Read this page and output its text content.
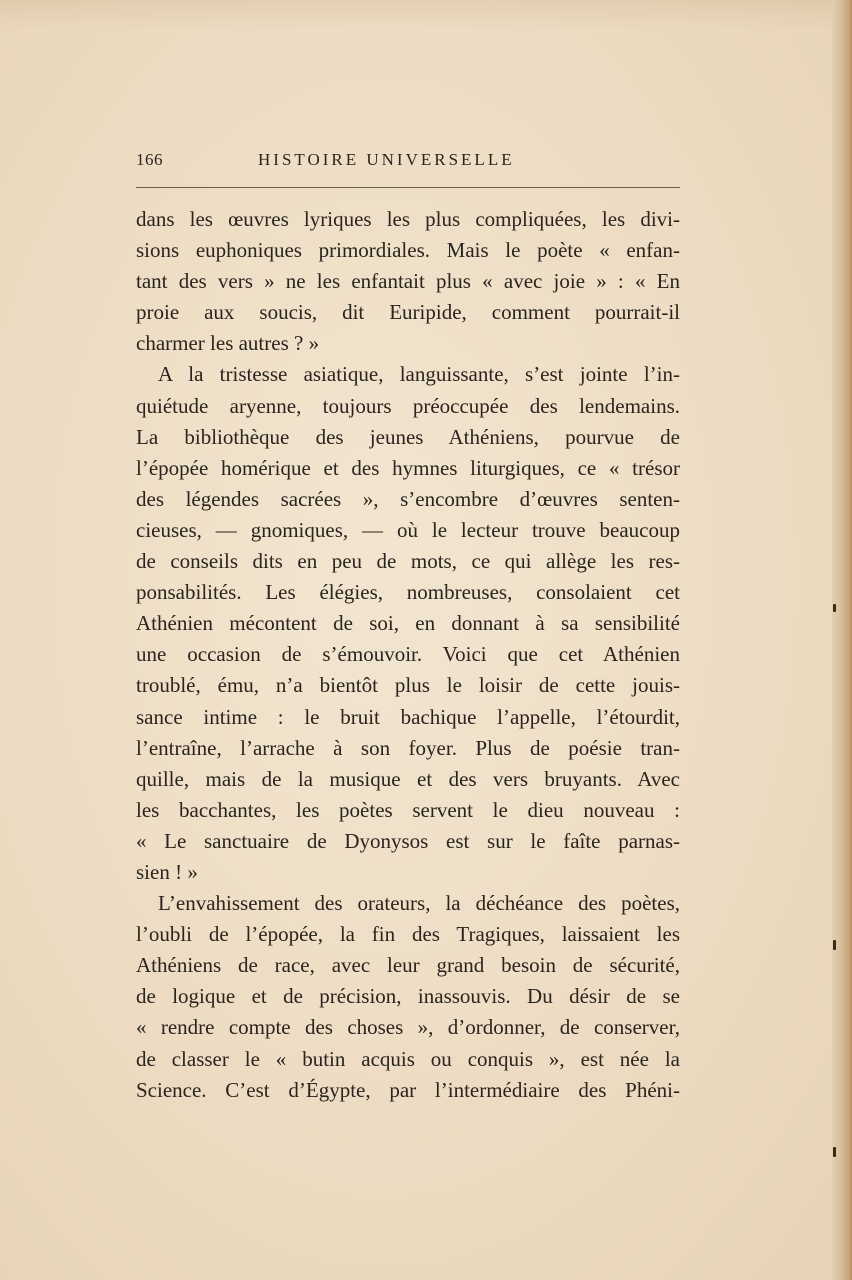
166	HISTOIRE UNIVERSELLE
dans les œuvres lyriques les plus compliquées, les divi-
sions euphoniques primordiales. Mais le poète « enfan-
tant des vers » ne les enfantait plus « avec joie » : « En
proie aux soucis, dit Euripide, comment pourrait-il
charmer les autres ? »
A la tristesse asiatique, languissante, s’est jointe l’in-
quiétude aryenne, toujours préoccupée des lendemains.
La bibliothèque des jeunes Athéniens, pourvue de
l’épopée homérique et des hymnes liturgiques, ce « trésor
des légendes sacrées », s’encombre d’œuvres senten-
cieuses, — gnomiques, — où le lecteur trouve beaucoup
de conseils dits en peu de mots, ce qui allège les res-
ponsabilités. Les élégies, nombreuses, consolaient cet
Athénien mécontent de soi, en donnant à sa sensibilité
une occasion de s’émouvoir. Voici que cet Athénien
troublé, ému, n’a bientôt plus le loisir de cette jouis-
sance intime : le bruit bachique l’appelle, l’étourdit,
l’entraîne, l’arrache à son foyer. Plus de poésie tran-
quille, mais de la musique et des vers bruyants. Avec
les bacchantes, les poètes servent le dieu nouveau :
« Le sanctuaire de Dyonysos est sur le faîte parnas-
sien ! »
L’envahissement des orateurs, la déchéance des poètes,
l’oubli de l’épopée, la fin des Tragiques, laissaient les
Athéniens de race, avec leur grand besoin de sécurité,
de logique et de précision, inassouvis. Du désir de se
« rendre compte des choses », d’ordonner, de conserver,
de classer le « butin acquis ou conquis », est née la
Science. C’est d’Égypte, par l’intermédiaire des Phéni-
